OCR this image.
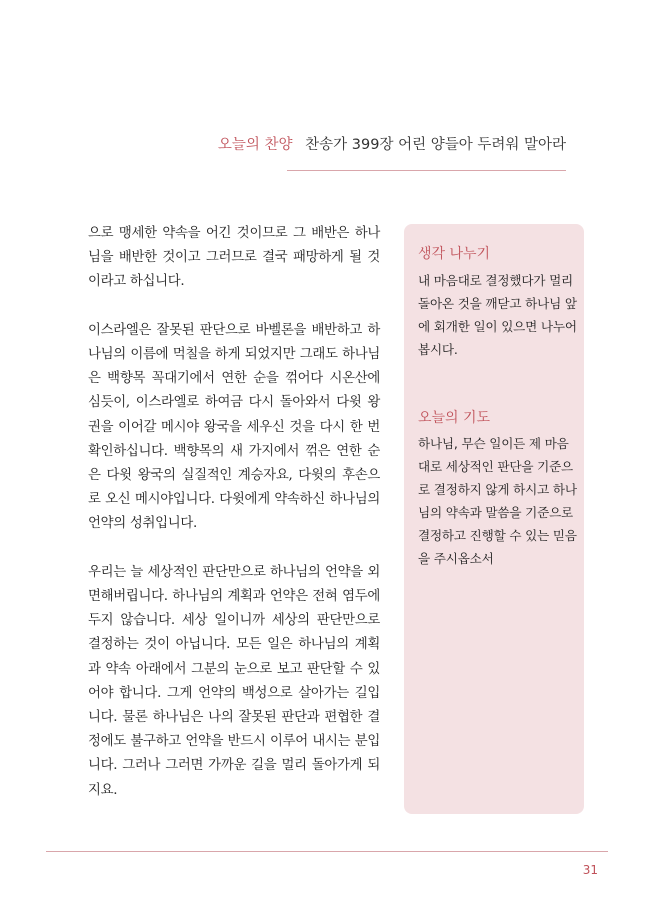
오늘의 찬양 찬송가 399장 어린 양들아 두려워 말아라

으로 맹세한 약속을 어긴 것이므로 그 배반은 하나님을 배반한 것이고 그러므로 결국 패망하게 될 것이라고 하십니다.

이스라엘은 잘못된 판단으로 바벨론을 배반하고 하나님의 이름에 먹칠을 하게 되었지만 그래도 하나님은 백향목 꼭대기에서 연한 순을 꺾어다 시온산에 심듯이, 이스라엘로 하여금 다시 돌아와서 다윗 왕권을 이어갈 메시야 왕국을 세우신 것을 다시 한 번 확인하십니다. 백향목의 새 가지에서 꺾은 연한 순은 다윗 왕국의 실질적인 계승자요, 다윗의 후손으로 오신 메시야입니다. 다윗에게 약속하신 하나님의 언약의 성취입니다.

우리는 늘 세상적인 판단만으로 하나님의 언약을 외면해버립니다. 하나님의 계획과 언약은 전혀 염두에 두지 않습니다. 세상 일이니까 세상의 판단만으로 결정하는 것이 아닙니다. 모든 일은 하나님의 계획과 약속 아래에서 그분의 눈으로 보고 판단할 수 있어야 합니다. 그게 언약의 백성으로 살아가는 길입니다. 물론 하나님은 나의 잘못된 판단과 편협한 결정에도 불구하고 언약을 반드시 이루어 내시는 분입니다. 그러나 그러면 가까운 길을 멀리 돌아가게 되지요.

생각 나누기
내 마음대로 결정했다가 멀리 돌아온 것을 깨닫고 하나님 앞에 회개한 일이 있으면 나누어 봅시다.
오늘의 기도
하나님, 무슨 일이든 제 마음대로 세상적인 판단을 기준으로 결정하지 않게 하시고 하나님의 약속과 말씀을 기준으로 결정하고 진행할 수 있는 믿음을 주시옵소서
31
